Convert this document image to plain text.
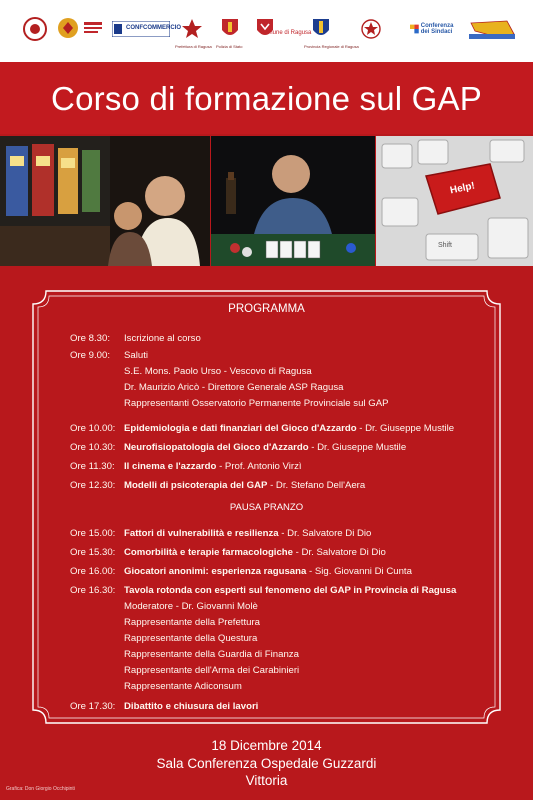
CONFCOMMERCIO
Prefettura di Ragusa Polizia di Stato
Comune di Ragusa
Provincia Regionale di Ragusa
Conferenza dei Sindaci
Corso di formazione sul GAP
Help!
Shift
PROGRAMMA
Ore 8.30: Iscrizione al corso
Ore 9.00: Saluti
S.E. Mons. Paolo Urso - Vescovo di Ragusa
Dr. Maurizio Aricò - Direttore Generale ASP Ragusa
Rappresentanti Osservatorio Permanente Provinciale sul GAP
Ore 10.00: Epidemiologia e dati finanziari del Gioco d'Azzardo - Dr. Giuseppe Mustile
Ore 10.30: Neurofisiopatologia del Gioco d'Azzardo - Dr. Giuseppe Mustile
Ore 11.30: Il cinema e l'azzardo - Prof. Antonio Virzì
Ore 12.30: Modelli di psicoterapia del GAP - Dr. Stefano Dell'Aera
PAUSA PRANZO
Ore 15.00: Fattori di vulnerabilità e resilienza - Dr. Salvatore Di Dio
Ore 15.30: Comorbilità e terapie farmacologiche - Dr. Salvatore Di Dio
Ore 16.00: Giocatori anonimi: esperienza ragusana - Sig. Giovanni Di Cunta
Ore 16.30: Tavola rotonda con esperti sul fenomeno del GAP in Provincia di Ragusa
Moderatore - Dr. Giovanni Molè
Rappresentante della Prefettura
Rappresentante della Questura
Rappresentante della Guardia di Finanza
Rappresentante dell'Arma dei Carabinieri
Rappresentante Adiconsum
Ore 17.30: Dibattito e chiusura dei lavori
18 Dicembre 2014
Sala Conferenza Ospedale Guzzardi
Vittoria
Grafica: Don Giorgio Occhipinti
